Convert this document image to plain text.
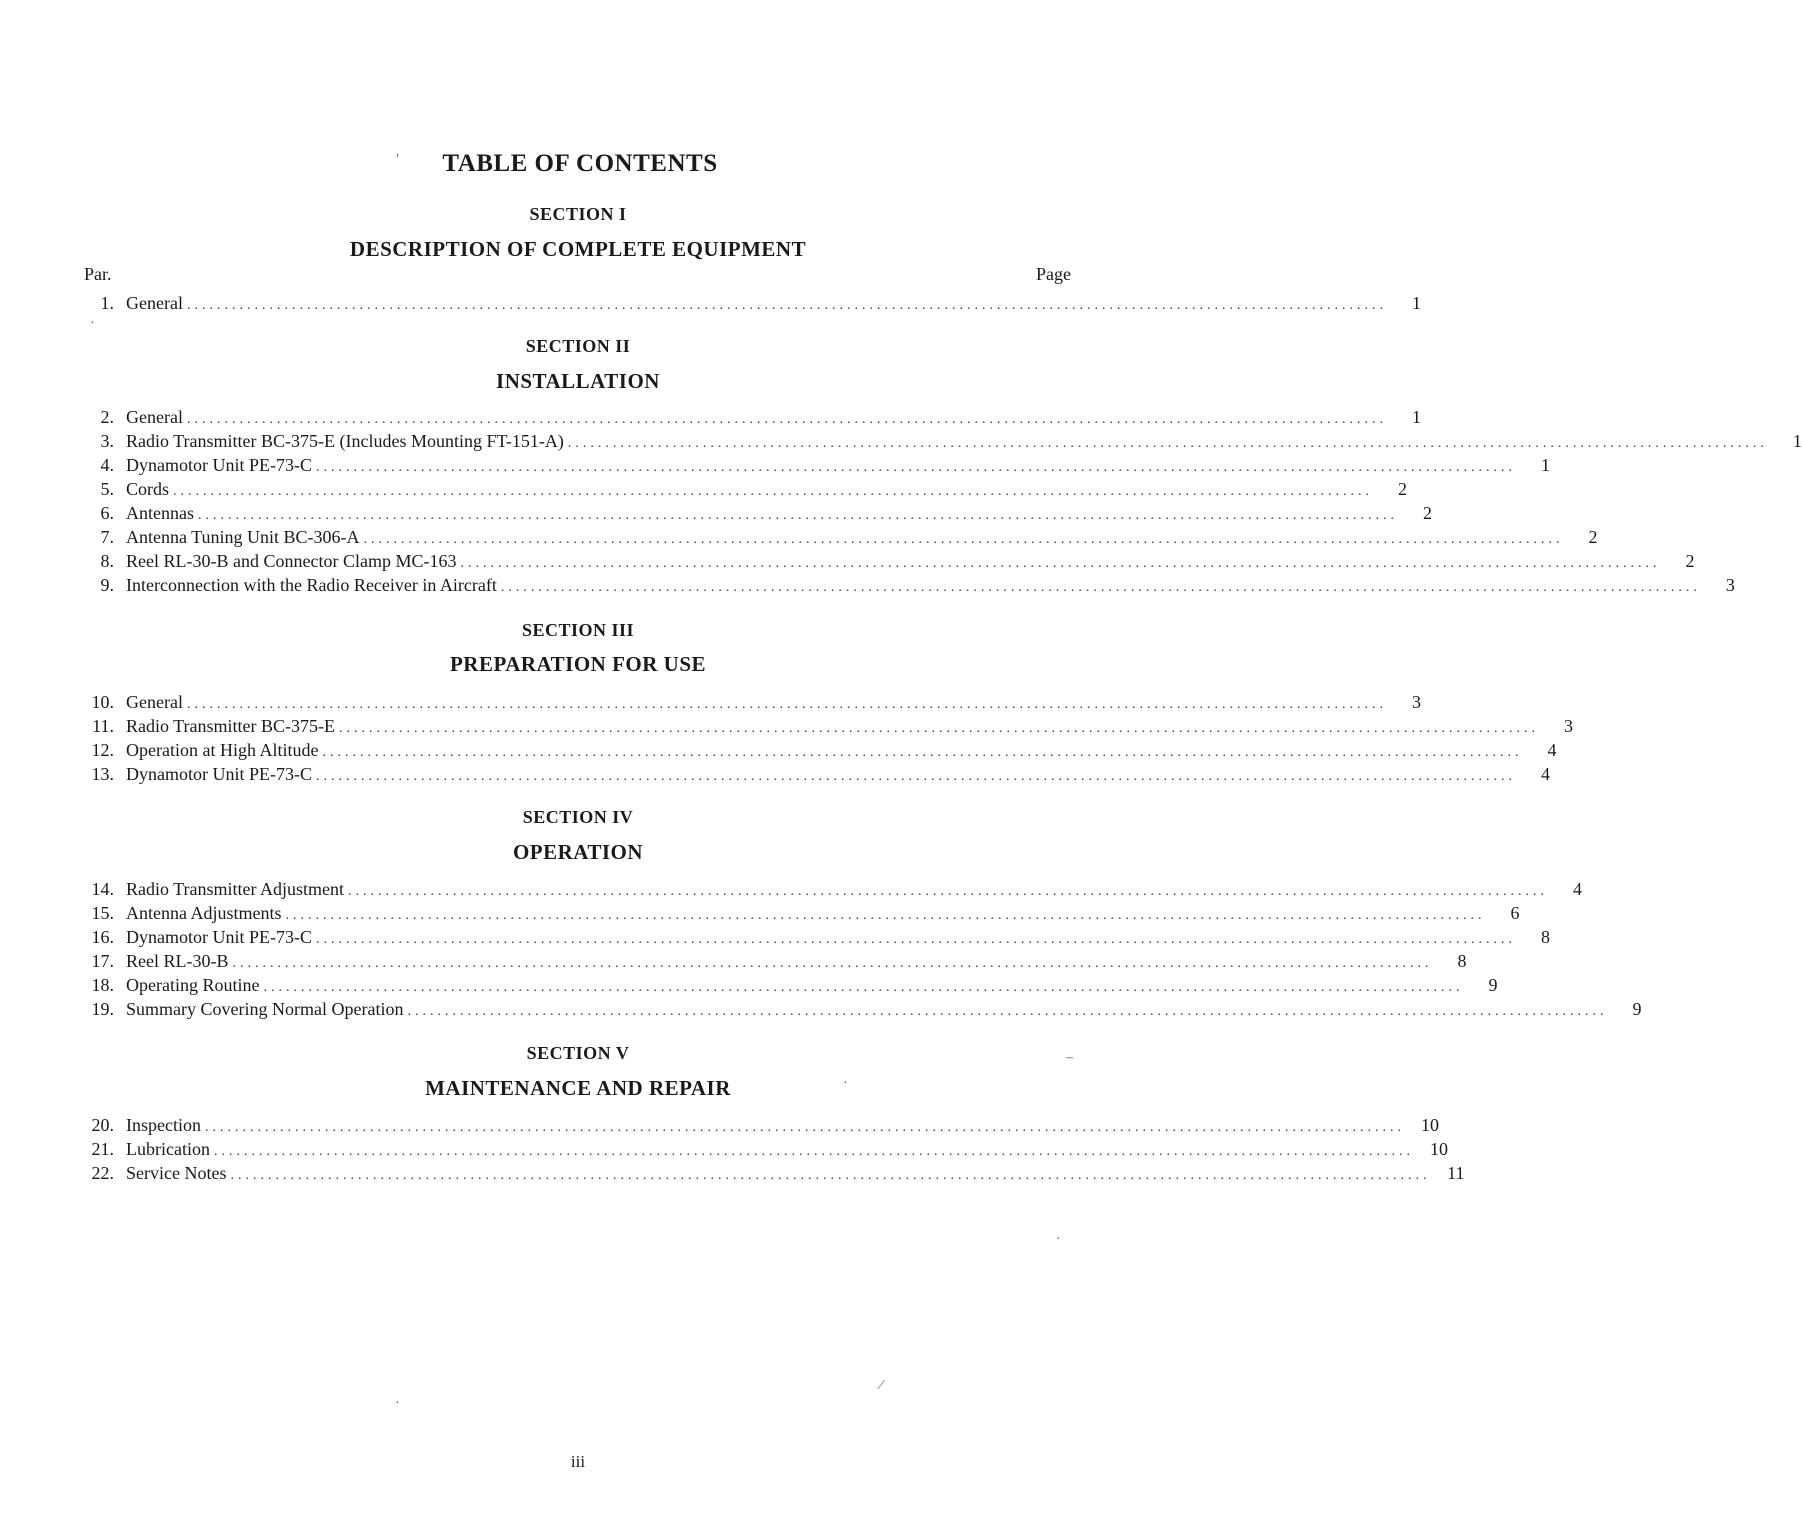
′	TABLE OF CONTENTS
SECTION I
DESCRIPTION OF COMPLETE EQUIPMENT
Par.	Page
1. General ................................................................................................................................................................	1
SECTION II
INSTALLATION
2. General ................................................................................................................................................................	1
3. Radio Transmitter BC-375-E (Includes Mounting FT-151-A) ................................................................................................................................................................	1
4. Dynamotor Unit PE-73-C ................................................................................................................................................................	1
5. Cords ................................................................................................................................................................	2
6. Antennas ................................................................................................................................................................	2
7. Antenna Tuning Unit BC-306-A ................................................................................................................................................................	2
8. Reel RL-30-B and Connector Clamp MC-163 ................................................................................................................................................................	2
9. Interconnection with the Radio Receiver in Aircraft ................................................................................................................................................................	3
SECTION III
PREPARATION FOR USE
10. General ................................................................................................................................................................	3
11. Radio Transmitter BC-375-E ................................................................................................................................................................	3
12. Operation at High Altitude ................................................................................................................................................................	4
13. Dynamotor Unit PE-73-C ................................................................................................................................................................	4
SECTION IV
OPERATION
14. Radio Transmitter Adjustment ................................................................................................................................................................	4
15. Antenna Adjustments ................................................................................................................................................................	6
16. Dynamotor Unit PE-73-C ................................................................................................................................................................	8
17. Reel RL-30-B ................................................................................................................................................................	8
18. Operating Routine ................................................................................................................................................................	9
19. Summary Covering Normal Operation ................................................................................................................................................................	9
SECTION V
MAINTENANCE AND REPAIR
20. Inspection ................................................................................................................................................................ 10
21. Lubrication ................................................................................................................................................................ 10
22. Service Notes ................................................................................................................................................................ 11
·
–
·
·
·
⁄
iii
